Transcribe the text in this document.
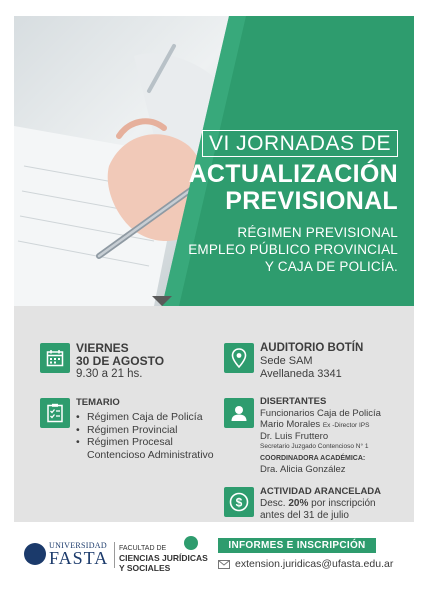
VI JORNADAS DE
ACTUALIZACIÓN
PREVISIONAL
RÉGIMEN PREVISIONAL
EMPLEO PÚBLICO PROVINCIAL
Y CAJA DE POLICÍA.
VIERNES
30 DE AGOSTO
9.30 a 21 hs.
AUDITORIO BOTÍN
Sede SAM
Avellaneda 3341
TEMARIO
• Régimen Caja de Policía
• Régimen Provincial
• Régimen Procesal Contencioso Administrativo
DISERTANTES
Funcionarios Caja de Policía
Mario Morales Ex -Director IPS
Dr. Luis Fruttero
Secretario Juzgado Contencioso N° 1
COORDINADORA ACADÉMICA:
Dra. Alicia González
$
ACTIVIDAD ARANCELADA
Desc. 20% por inscripción
antes del 31 de julio
UNIVERSIDAD
FASTA FACULTAD DE
CIENCIAS JURÍDICAS
Y SOCIALES
INFORMES E INSCRIPCIÓN
extension.juridicas@ufasta.edu.ar
